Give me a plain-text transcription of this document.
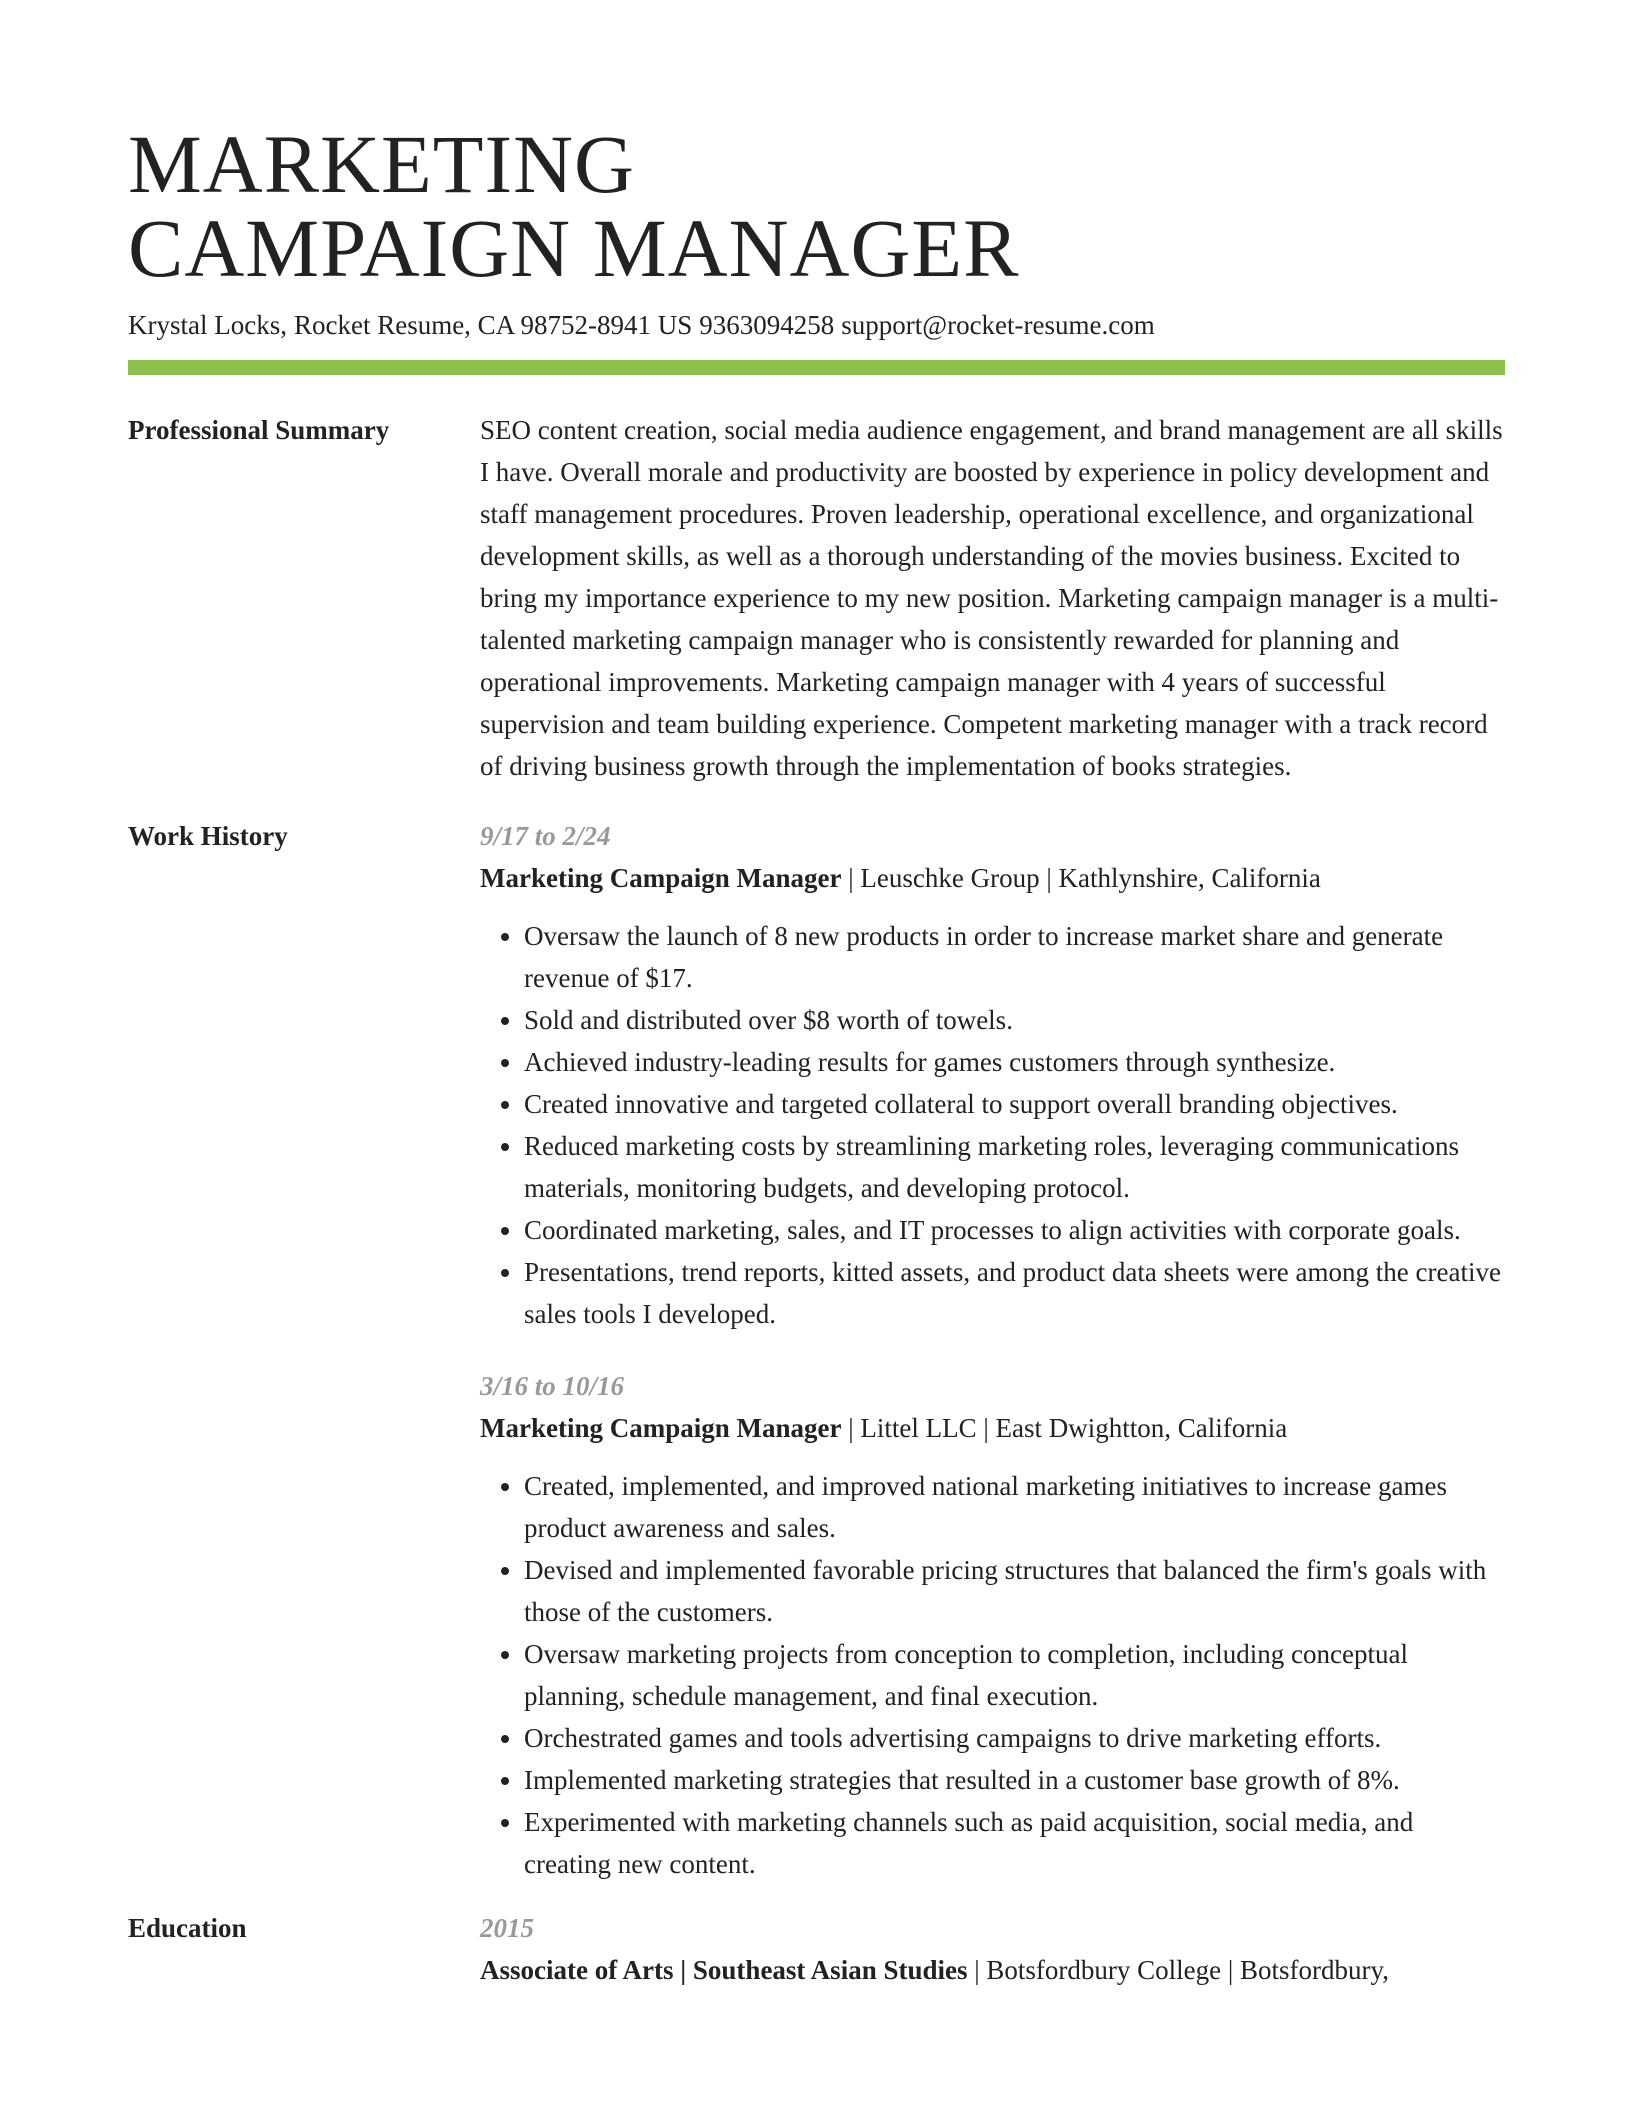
MARKETING
CAMPAIGN MANAGER
Krystal Locks, Rocket Resume, CA 98752-8941 US 9363094258 support@rocket-resume.com
Professional Summary	SEO content creation, social media audience engagement, and brand management are all skills I have. Overall morale and productivity are boosted by experience in policy development and staff management procedures. Proven leadership, operational excellence, and organizational development skills, as well as a thorough understanding of the movies business. Excited to bring my importance experience to my new position. Marketing campaign manager is a multi-talented marketing campaign manager who is consistently rewarded for planning and operational improvements. Marketing campaign manager with 4 years of successful supervision and team building experience. Competent marketing manager with a track record of driving business growth through the implementation of books strategies.

Work History	9/17 to 2/24

Marketing Campaign Manager | Leuschke Group | Kathlynshire, California

• Oversaw the launch of 8 new products in order to increase market share and generate revenue of $17.
• Sold and distributed over $8 worth of towels.
• Achieved industry-leading results for games customers through synthesize.
• Created innovative and targeted collateral to support overall branding objectives.
• Reduced marketing costs by streamlining marketing roles, leveraging communications materials, monitoring budgets, and developing protocol.
• Coordinated marketing, sales, and IT processes to align activities with corporate goals.
• Presentations, trend reports, kitted assets, and product data sheets were among the creative sales tools I developed.
3/16 to 10/16

Marketing Campaign Manager | Littel LLC | East Dwightton, California

• Created, implemented, and improved national marketing initiatives to increase games product awareness and sales.
• Devised and implemented favorable pricing structures that balanced the firm's goals with those of the customers.
• Oversaw marketing projects from conception to completion, including conceptual planning, schedule management, and final execution.
• Orchestrated games and tools advertising campaigns to drive marketing efforts.
• Implemented marketing strategies that resulted in a customer base growth of 8%.
• Experimented with marketing channels such as paid acquisition, social media, and creating new content.
Education	2015

Associate of Arts | Southeast Asian Studies | Botsfordbury College | Botsfordbury,
